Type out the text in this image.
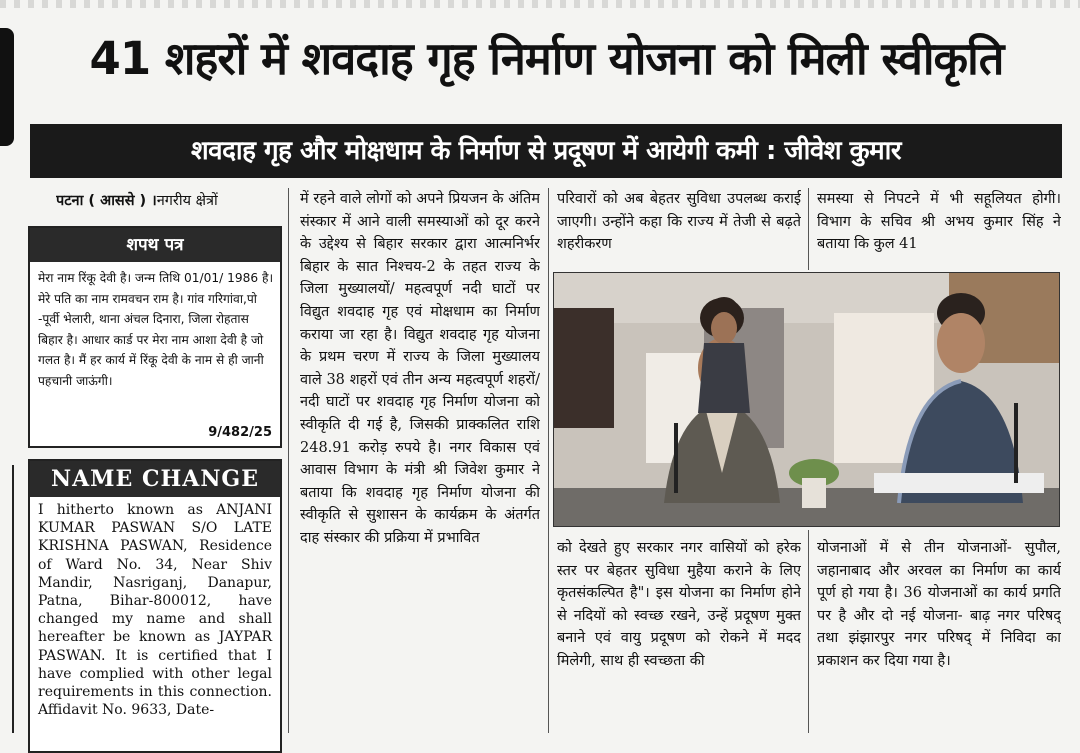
41 शहरों में शवदाह गृह निर्माण योजना को मिली स्वीकृति
शवदाह गृह और मोक्षधाम के निर्माण से प्रदूषण में आयेगी कमी : जीवेश कुमार
पटना ( आससे ) ।नगरीय क्षेत्रों
शपथ पत्र
मेरा नाम रिंकू देवी है। जन्म तिथि 01/01/ 1986 है। मेरे पति का नाम रामवचन राम है। गांव गरिगांवा,पो -पूर्वी भेलारी, थाना अंचल दिनारा, जिला रोहतास बिहार है। आधार कार्ड पर मेरा नाम आशा देवी है जो गलत है। मैं हर कार्य में रिंकू देवी के नाम से ही जानी पहचानी जाऊंगी।
9/482/25
NAME CHANGE
I hitherto known as ANJANI KUMAR PASWAN S/O LATE KRISHNA PASWAN, Residence of Ward No. 34, Near Shiv Mandir, Nasriganj, Danapur, Patna, Bihar-800012, have changed my name and shall hereafter be known as JAYPAR PASWAN. It is certified that I have complied with other legal requirements in this connection. Affidavit No. 9633, Date-
में रहने वाले लोगों को अपने प्रियजन के अंतिम संस्कार में आने वाली समस्याओं को दूर करने के उद्देश्य से बिहार सरकार द्वारा आत्मनिर्भर बिहार के सात निश्चय-2 के तहत राज्य के जिला मुख्यालयों/ महत्वपूर्ण नदी घाटों पर विद्युत शवदाह गृह एवं मोक्षधाम का निर्माण कराया जा रहा है। विद्युत शवदाह गृह योजना के प्रथम चरण में राज्य के जिला मुख्यालय वाले 38 शहरों एवं तीन अन्य महत्वपूर्ण शहरों/नदी घाटों पर शवदाह गृह निर्माण योजना को स्वीकृति दी गई है, जिसकी प्राक्कलित राशि 248.91 करोड़ रुपये है। नगर विकास एवं आवास विभाग के मंत्री श्री जिवेश कुमार ने बताया कि शवदाह गृह निर्माण योजना की स्वीकृति से सुशासन के कार्यक्रम के अंतर्गत दाह संस्कार की प्रक्रिया में प्रभावित
परिवारों को अब बेहतर सुविधा उपलब्ध कराई जाएगी। उन्होंने कहा कि राज्य में तेजी से बढ़ते शहरीकरण
समस्या से निपटने में भी सहूलियत होगी। विभाग के सचिव श्री अभय कुमार सिंह ने बताया कि कुल 41
को देखते हुए सरकार नगर वासियों को हरेक स्तर पर बेहतर सुविधा मुहैया कराने के लिए कृतसंकल्पित है"। इस योजना का निर्माण होने से नदियों को स्वच्छ रखने, उन्हें प्रदूषण मुक्त बनाने एवं वायु प्रदूषण को रोकने में मदद मिलेगी, साथ ही स्वच्छता की
योजनाओं में से तीन योजनाओं- सुपौल, जहानाबाद और अरवल का निर्माण का कार्य पूर्ण हो गया है। 36 योजनाओं का कार्य प्रगति पर है और दो नई योजना- बाढ़ नगर परिषद् तथा झंझारपुर नगर परिषद् में निविदा का प्रकाशन कर दिया गया है।
